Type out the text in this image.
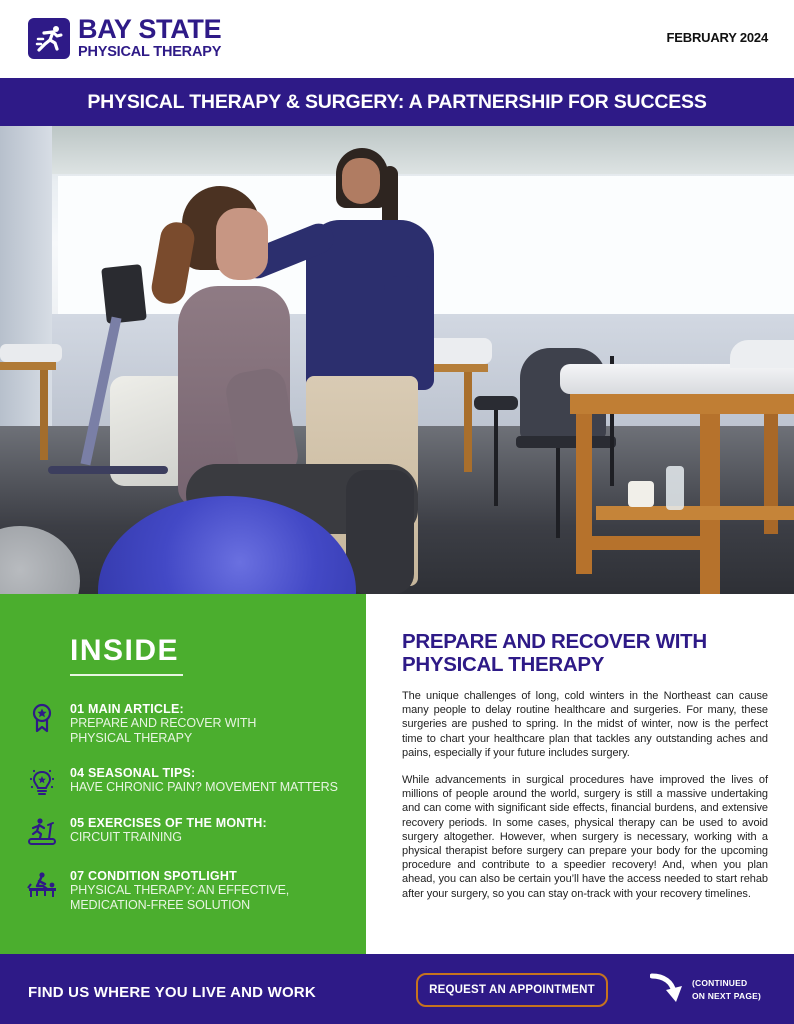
BAY STATE
PHYSICAL THERAPY
FEBRUARY 2024
PHYSICAL THERAPY & SURGERY: A PARTNERSHIP FOR SUCCESS
INSIDE
01 MAIN ARTICLE:
PREPARE AND RECOVER WITH
PHYSICAL THERAPY
04 SEASONAL TIPS:
HAVE CHRONIC PAIN? MOVEMENT MATTERS
05 EXERCISES OF THE MONTH:
CIRCUIT TRAINING
07 CONDITION SPOTLIGHT
PHYSICAL THERAPY: AN EFFECTIVE,
MEDICATION-FREE SOLUTION
PREPARE AND RECOVER WITH
PHYSICAL THERAPY

The unique challenges of long, cold winters in the Northeast can cause many people to delay routine healthcare and surgeries. For many, these surgeries are pushed to spring. In the midst of winter, now is the perfect time to chart your healthcare plan that tackles any outstanding aches and pains, especially if your future includes surgery.

While advancements in surgical procedures have improved the lives of millions of people around the world, surgery is still a massive undertaking and can come with significant side effects, financial burdens, and extensive recovery periods. In some cases, physical therapy can be used to avoid surgery altogether. However, when surgery is necessary, working with a physical therapist before surgery can prepare your body for the upcoming procedure and contribute to a speedier recovery! And, when you plan ahead, you can also be certain you’ll have the access needed to start rehab after your surgery, so you can stay on-track with your recovery timelines.

FIND US WHERE YOU LIVE AND WORK	REQUEST AN APPOINTMENT
(CONTINUED
ON NEXT PAGE)
